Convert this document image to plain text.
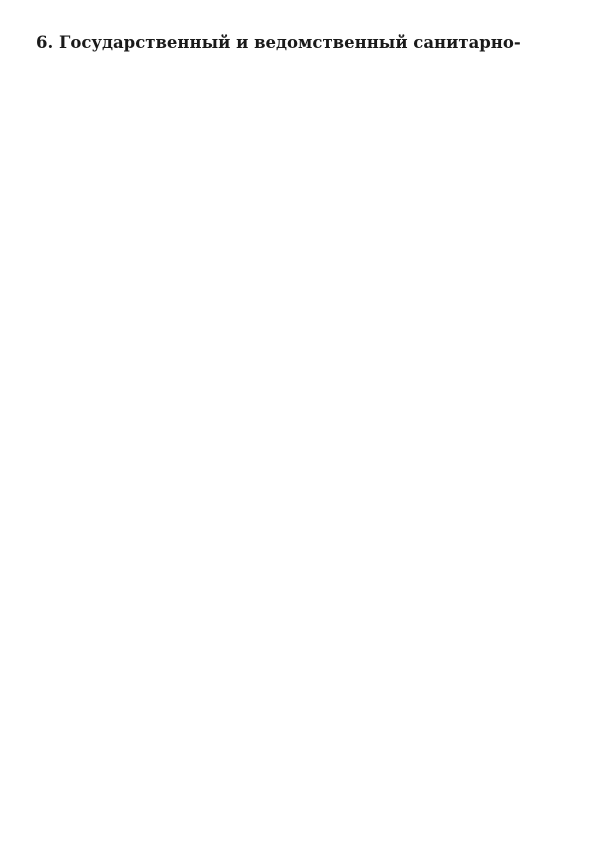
6. Государственный и ведомственный санитарно-
